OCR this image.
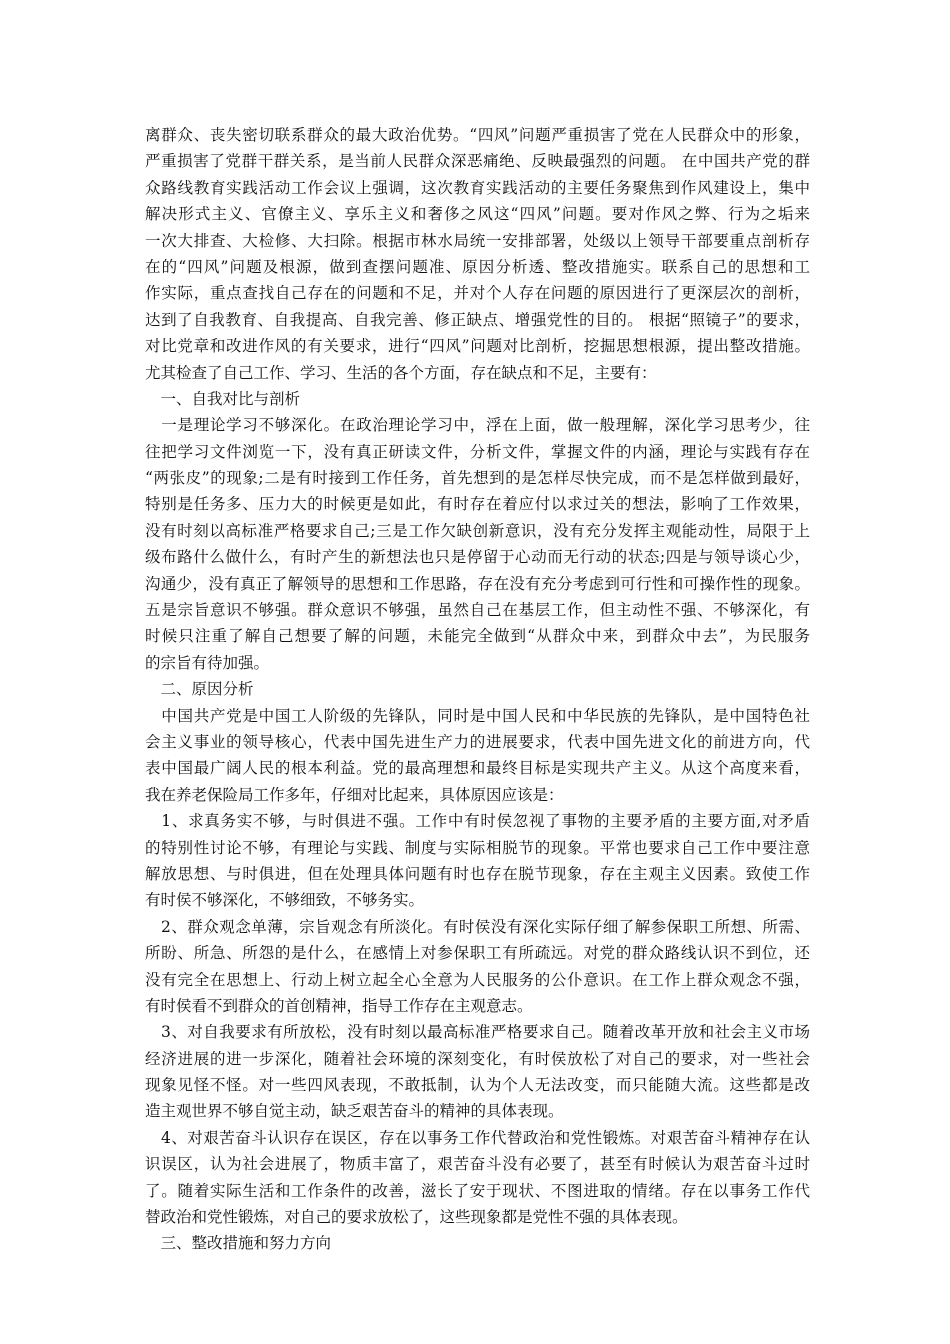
离群众、丧失密切联系群众的最大政治优势。“四风”问题严重损害了党在人民群众中的形象，
严重损害了党群干群关系，是当前人民群众深恶痛绝、反映最强烈的问题。 在中国共产党的群
众路线教育实践活动工作会议上强调，这次教育实践活动的主要任务聚焦到作风建设上，集中
解决形式主义、官僚主义、享乐主义和奢侈之风这“四风”问题。要对作风之弊、行为之垢来
一次大排查、大检修、大扫除。根据市林水局统一安排部署，处级以上领导干部要重点剖析存
在的“四风”问题及根源，做到查摆问题准、原因分析透、整改措施实。联系自己的思想和工
作实际，重点查找自己存在的问题和不足，并对个人存在问题的原因进行了更深层次的剖析，
达到了自我教育、自我提高、自我完善、修正缺点、增强党性的目的。 根据“照镜子”的要求，
对比党章和改进作风的有关要求，进行“四风”问题对比剖析，挖掘思想根源，提出整改措施。
尤其检查了自己工作、学习、生活的各个方面，存在缺点和不足，主要有：
　一、自我对比与剖析
　一是理论学习不够深化。在政治理论学习中，浮在上面，做一般理解，深化学习思考少，往
往把学习文件浏览一下，没有真正研读文件，分析文件，掌握文件的内涵，理论与实践有存在
“两张皮”的现象;二是有时接到工作任务，首先想到的是怎样尽快完成，而不是怎样做到最好，
特别是任务多、压力大的时候更是如此，有时存在着应付以求过关的想法，影响了工作效果，
没有时刻以高标准严格要求自己;三是工作欠缺创新意识，没有充分发挥主观能动性，局限于上
级布路什么做什么，有时产生的新想法也只是停留于心动而无行动的状态;四是与领导谈心少，
沟通少，没有真正了解领导的思想和工作思路，存在没有充分考虑到可行性和可操作性的现象。
五是宗旨意识不够强。群众意识不够强，虽然自己在基层工作，但主动性不强、不够深化，有
时候只注重了解自己想要了解的问题，未能完全做到“从群众中来，到群众中去”，为民服务
的宗旨有待加强。
　二、原因分析
　中国共产党是中国工人阶级的先锋队，同时是中国人民和中华民族的先锋队，是中国特色社
会主义事业的领导核心，代表中国先进生产力的进展要求，代表中国先进文化的前进方向，代
表中国最广阔人民的根本利益。党的最高理想和最终目标是实现共产主义。从这个高度来看，
我在养老保险局工作多年，仔细对比起来，具体原因应该是：
　1、求真务实不够，与时俱进不强。工作中有时侯忽视了事物的主要矛盾的主要方面,对矛盾
的特别性讨论不够，有理论与实践、制度与实际相脱节的现象。平常也要求自己工作中要注意
解放思想、与时俱进，但在处理具体问题有时也存在脱节现象，存在主观主义因素。致使工作
有时侯不够深化，不够细致，不够务实。
　2、群众观念单薄，宗旨观念有所淡化。有时侯没有深化实际仔细了解参保职工所想、所需、
所盼、所急、所怨的是什么，在感情上对参保职工有所疏远。对党的群众路线认识不到位，还
没有完全在思想上、行动上树立起全心全意为人民服务的公仆意识。在工作上群众观念不强，
有时侯看不到群众的首创精神，指导工作存在主观意志。
　3、对自我要求有所放松，没有时刻以最高标准严格要求自己。随着改革开放和社会主义市场
经济进展的进一步深化，随着社会环境的深刻变化，有时侯放松了对自己的要求，对一些社会
现象见怪不怪。对一些四风表现，不敢抵制，认为个人无法改变，而只能随大流。这些都是改
造主观世界不够自觉主动，缺乏艰苦奋斗的精神的具体表现。
　4、对艰苦奋斗认识存在误区，存在以事务工作代替政治和党性锻炼。对艰苦奋斗精神存在认
识误区，认为社会进展了，物质丰富了，艰苦奋斗没有必要了，甚至有时候认为艰苦奋斗过时
了。随着实际生活和工作条件的改善，滋长了安于现状、不图进取的情绪。存在以事务工作代
替政治和党性锻炼，对自己的要求放松了，这些现象都是党性不强的具体表现。
　三、整改措施和努力方向
